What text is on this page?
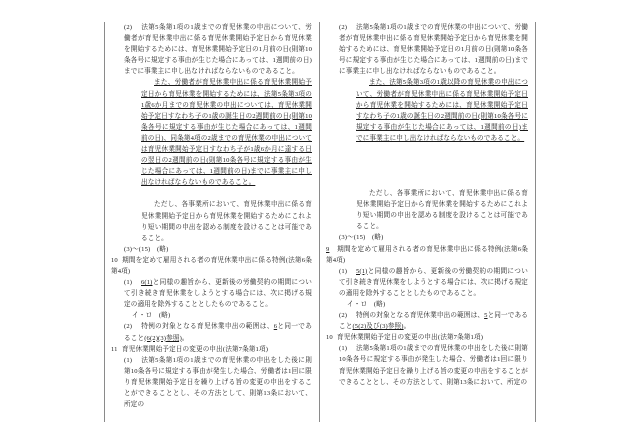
(2) 法第5条第1項の1歳までの育児休業の申出について、労働者が育児休業申出に係る育児休業開始予定日から育児休業を開始するためには、育児休業開始予定日の1月前の日(則第10条各号に規定する事由が生じた場合にあっては、1週間前の日)までに事業主に申し出なければならないものであること。
また、労働者が育児休業申出に係る育児休業開始予定日から育児休業を開始するためには、法第5条第3項の1歳6か月までの育児休業の申出については、育児休業開始予定日すなわち子の1歳の誕生日の2週間前の日(則第10条各号に規定する事由が生じた場合にあっては、1週間前の日)、同条第4項の2歳までの育児休業の申出については育児休業開始予定日すなわち子が1歳6か月に達する日の翌日の2週間前の日(則第10条各号に規定する事由が生じた場合にあっては、1週間前の日)までに事業主に申し出なければならないものであること。
ただし、各事業所において、育児休業申出に係る育児休業開始予定日から育児休業を開始するためにこれより短い期間の申出を認める制度を設けることは可能であること。
(3)～(15)　(略)
10 期間を定めて雇用される者の育児休業申出に係る特例(法第6条第4項)
(1) 6(1)と同様の趣旨から、更新後の労働契約の期間について引き続き育児休業をしようとする場合には、次に掲げる規定の適用を除外することとしたものであること。
イ・ロ　(略)
(2) 特例の対象となる育児休業申出の範囲は、6と同一であること(6(2)(3)参照)。
11 育児休業開始予定日の変更の申出(法第7条第1項)
(1) 法第5条第1項の1歳までの育児休業の申出をした後に則第10条各号に規定する事由が発生した場合、労働者は1回に限り育児休業開始予定日を繰り上げる旨の変更の申出をすることができることとし、その方法として、則第13条において、所定の
(2) 法第5条第1項の1歳までの育児休業の申出について、労働者が育児休業申出に係る育児休業開始予定日から育児休業を開始するためには、育児休業開始予定日の1月前の日(則第10条各号に規定する事由が生じた場合にあっては、1週間前の日)までに事業主に申し出なければならないものであること。
また、法第5条第3項の1歳以降の育児休業の申出について、労働者が育児休業申出に係る育児休業開始予定日から育児休業を開始するためには、育児休業開始予定日すなわち子の1歳の誕生日の2週間前の日(則第10条各号に規定する事由が生じた場合にあっては、1週間前の日)までに事業主に申し出なければならないものであること。
ただし、各事業所において、育児休業申出に係る育児休業開始予定日から育児休業を開始するためにこれより短い期間の申出を認める制度を設けることは可能であること。
(3)～(15)　(略)
9 期間を定めて雇用される者の育児休業申出に係る特例(法第6条第4項)
(1) 5(1)と同様の趣旨から、更新後の労働契約の期間について引き続き育児休業をしようとする場合には、次に掲げる規定の適用を除外することとしたものであること。
イ・ロ　(略)
(2) 特例の対象となる育児休業申出の範囲は、5と同一であること(5(2)及び(3)参照)。
10 育児休業開始予定日の変更の申出(法第7条第1項)
(1) 法第5条第1項の1歳までの育児休業の申出をした後に則第10条各号に規定する事由が発生した場合、労働者は1回に限り育児休業開始予定日を繰り上げる旨の変更の申出をすることができることとし、その方法として、則第13条において、所定の
